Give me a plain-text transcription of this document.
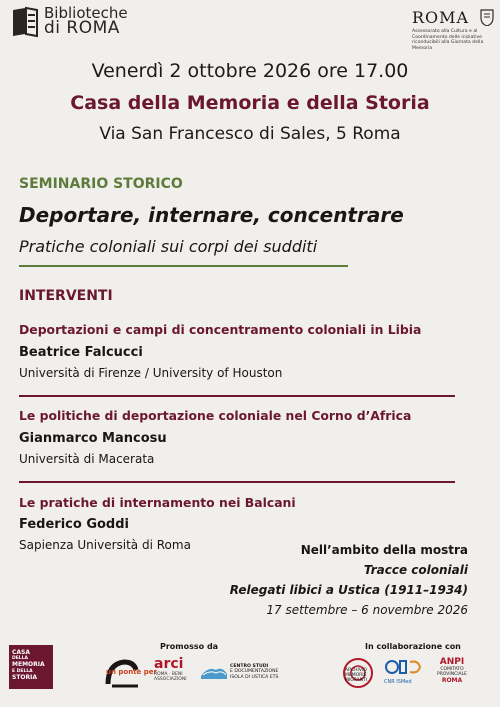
Biblioteche
di ROMA
ROMA
Assessorato alla Cultura e al Coordinamento delle iniziative riconducibili alla Giornata della Memoria
Venerdì 2 ottobre 2026 ore 17.00
Casa della Memoria e della Storia
Via San Francesco di Sales, 5 Roma
SEMINARIO STORICO
Deportare, internare, concentrare
Pratiche coloniali sui corpi dei sudditi
INTERVENTI
Deportazioni e campi di concentramento coloniali in Libia
Beatrice Falcucci
Università di Firenze / University of Houston
Le politiche di deportazione coloniale nel Corno d’Africa
Gianmarco Mancosu
Università di Macerata
Le pratiche di internamento nei Balcani
Federico Goddi
Sapienza Università di Roma	Nell’ambito della mostra
Tracce coloniali
Relegati libici a Ustica (1911–1934)
17 settembre – 6 novembre 2026
CASA
DELLA
MEMORIA
E DELLA
STORIA
Promosso da
un ponte per
arci
ROMA · BENI ASSOCIAZIONI
CENTRO STUDI
E DOCUMENTAZIONE
ISOLA DI USTICA ETS
In collaborazione con
ARCHIVIO MEMORIE MIGRANTI	CNR ISMed
ANPI
COMITATO PROVINCIALE
ROMA
